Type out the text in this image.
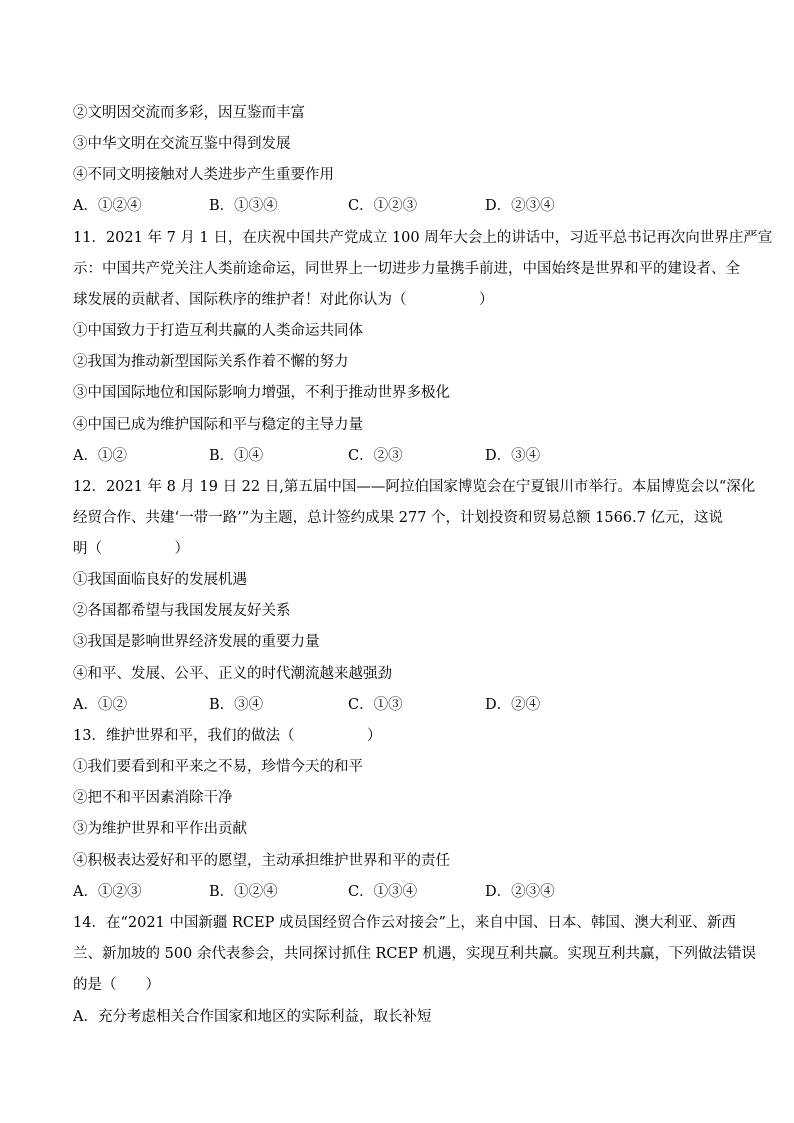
②文明因交流而多彩，因互鉴而丰富
③中华文明在交流互鉴中得到发展
④不同文明接触对人类进步产生重要作用
A．①②④	B．①③④	C．①②③	D．②③④
11．2021 年 7 月 1 日，在庆祝中国共产党成立 100 周年大会上的讲话中，习近平总书记再次向世界庄严宣
示：中国共产党关注人类前途命运，同世界上一切进步力量携手前进，中国始终是世界和平的建设者、全
球发展的贡献者、国际秩序的维护者！对此你认为（　　　　　）
①中国致力于打造互利共赢的人类命运共同体
②我国为推动新型国际关系作着不懈的努力
③中国国际地位和国际影响力增强，不利于推动世界多极化
④中国已成为维护国际和平与稳定的主导力量
A．①②	B．①④	C．②③	D．③④
12．2021 年 8 月 19 日 22 日,第五届中国——阿拉伯国家博览会在宁夏银川市举行。本届博览会以“深化
经贸合作、共建‘一带一路’”为主题，总计签约成果 277 个，计划投资和贸易总额 1566.7 亿元，这说
明（　　　　　）
①我国面临良好的发展机遇
②各国都希望与我国发展友好关系
③我国是影响世界经济发展的重要力量
④和平、发展、公平、正义的时代潮流越来越强劲
A．①②	B．③④	C．①③	D．②④
13．维护世界和平，我们的做法（　　　　　）
①我们要看到和平来之不易，珍惜今天的和平
②把不和平因素消除干净
③为维护世界和平作出贡献
④积极表达爱好和平的愿望，主动承担维护世界和平的责任
A．①②③	B．①②④	C．①③④	D．②③④
14．在“2021 中国新疆 RCEP 成员国经贸合作云对接会”上，来自中国、日本、韩国、澳大利亚、新西
兰、新加坡的 500 余代表参会，共同探讨抓住 RCEP 机遇，实现互利共赢。实现互利共赢，下列做法错误
的是（　　）
A．充分考虑相关合作国家和地区的实际利益，取长补短
